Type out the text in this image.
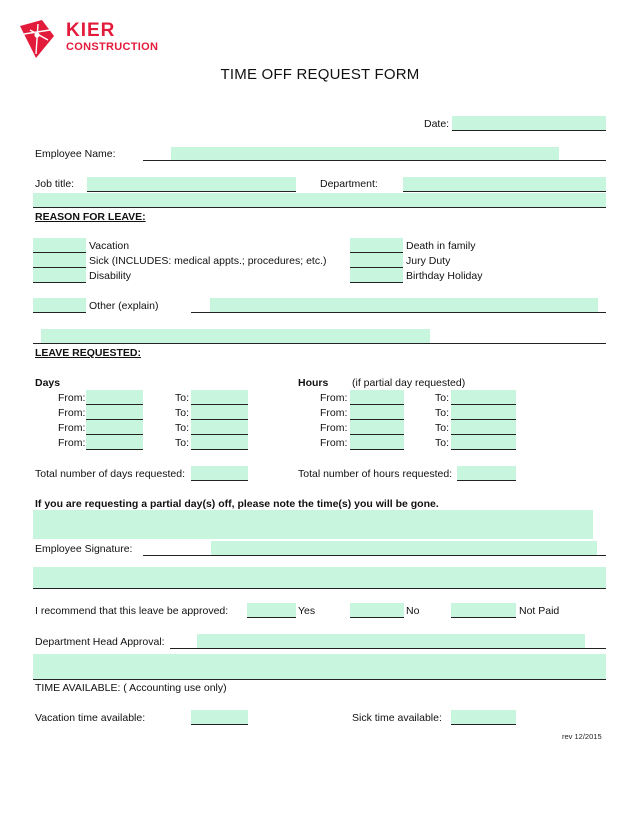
KIER
CONSTRUCTION
TIME OFF REQUEST FORM
Date:
Employee Name:
Job title:	Department:
REASON FOR LEAVE:
Vacation
Sick (INCLUDES: medical appts.; procedures; etc.)
Disability
Death in family
Jury Duty
Birthday Holiday
Other (explain)
LEAVE REQUESTED:
Days	Hours (if partial day requested)
From:	To:	From:	To:
From:	To:	From:	To:
From:	To:	From:	To:
From:	To:	From:	To:
Total number of days requested:	Total number of hours requested:
If you are requesting a partial day(s) off, please note the time(s) you will be gone.
Employee Signature:
I recommend that this leave be approved:	Yes	No	Not Paid
Department Head Approval:
TIME AVAILABLE: ( Accounting use only)
Vacation time available:	Sick time available:
rev 12/2015
